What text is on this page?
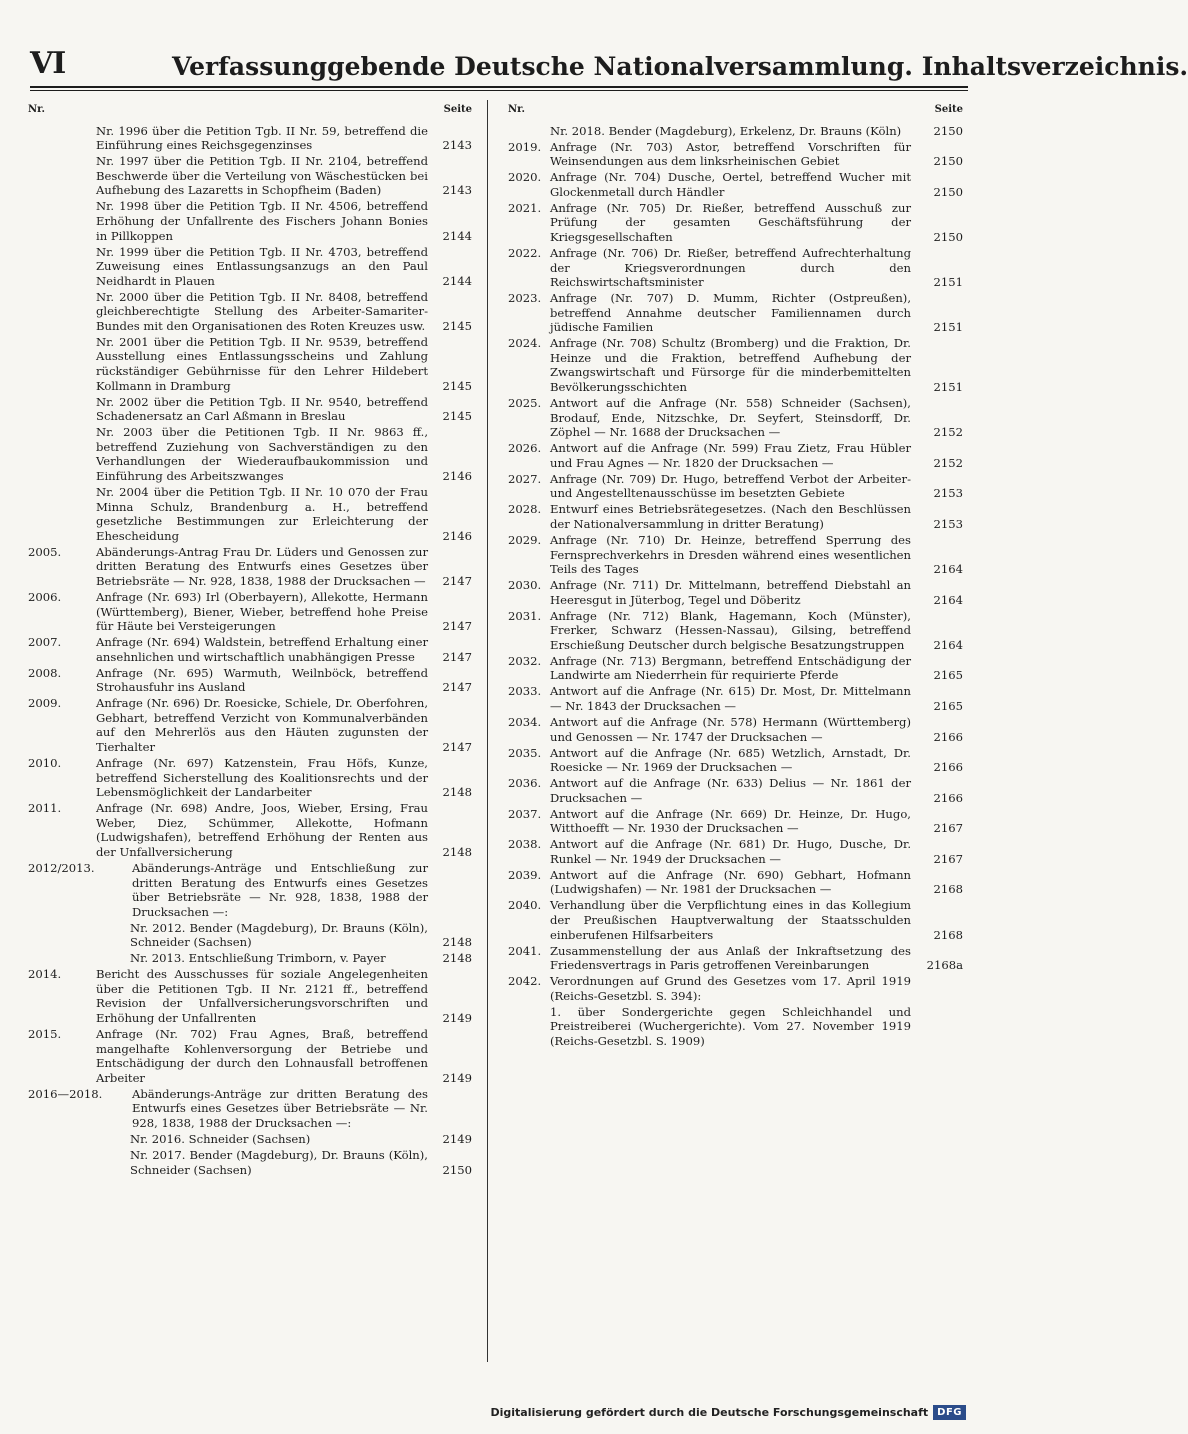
VI	Verfassunggebende Deutsche Nationalversammlung. Inhaltsverzeichnis.
Nr.	Seite
Nr. 1996 über die Petition Tgb. II Nr. 59, betreffend die Einführung eines Reichsgegenzinses	2143
Nr. 1997 über die Petition Tgb. II Nr. 2104, betreffend Beschwerde über die Verteilung von Wäschestücken bei Aufhebung des Lazaretts in Schopfheim (Baden)	2143
Nr. 1998 über die Petition Tgb. II Nr. 4506, betreffend Erhöhung der Unfallrente des Fischers Johann Bonies in Pillkoppen	2144
Nr. 1999 über die Petition Tgb. II Nr. 4703, betreffend Zuweisung eines Entlassungsanzugs an den Paul Neidhardt in Plauen	2144
Nr. 2000 über die Petition Tgb. II Nr. 8408, betreffend gleichberechtigte Stellung des Arbeiter-Samariter-Bundes mit den Organisationen des Roten Kreuzes usw.	2145
Nr. 2001 über die Petition Tgb. II Nr. 9539, betreffend Ausstellung eines Entlassungsscheins und Zahlung rückständiger Gebührnisse für den Lehrer Hildebert Kollmann in Dramburg	2145
Nr. 2002 über die Petition Tgb. II Nr. 9540, betreffend Schadenersatz an Carl Aßmann in Breslau	2145
Nr. 2003 über die Petitionen Tgb. II Nr. 9863 ff., betreffend Zuziehung von Sachverständigen zu den Verhandlungen der Wiederaufbaukommission und Einführung des Arbeitszwanges	2146
Nr. 2004 über die Petition Tgb. II Nr. 10 070 der Frau Minna Schulz, Brandenburg a. H., betreffend gesetzliche Bestimmungen zur Erleichterung der Ehescheidung	2146
2005.	Abänderungs-Antrag Frau Dr. Lüders und Genossen zur dritten Beratung des Entwurfs eines Gesetzes über Betriebsräte — Nr. 928, 1838, 1988 der Drucksachen —	2147
2006.	Anfrage (Nr. 693) Irl (Oberbayern), Allekotte, Hermann (Württemberg), Biener, Wieber, betreffend hohe Preise für Häute bei Versteigerungen	2147
2007.	Anfrage (Nr. 694) Waldstein, betreffend Erhaltung einer ansehnlichen und wirtschaftlich unabhängigen Presse	2147
2008.	Anfrage (Nr. 695) Warmuth, Weilnböck, betreffend Strohausfuhr ins Ausland	2147
2009.	Anfrage (Nr. 696) Dr. Roesicke, Schiele, Dr. Oberfohren, Gebhart, betreffend Verzicht von Kommunalverbänden auf den Mehrerlös aus den Häuten zugunsten der Tierhalter	2147
2010.	Anfrage (Nr. 697) Katzenstein, Frau Höfs, Kunze, betreffend Sicherstellung des Koalitionsrechts und der Lebensmöglichkeit der Landarbeiter	2148
2011.	Anfrage (Nr. 698) Andre, Joos, Wieber, Ersing, Frau Weber, Diez, Schümmer, Allekotte, Hofmann (Ludwigshafen), betreffend Erhöhung der Renten aus der Unfallversicherung	2148
2012/2013.	Abänderungs-Anträge und Entschließung zur dritten Beratung des Entwurfs eines Gesetzes über Betriebsräte — Nr. 928, 1838, 1988 der Drucksachen —:
Nr. 2012. Bender (Magdeburg), Dr. Brauns (Köln), Schneider (Sachsen)	2148
Nr. 2013. Entschließung Trimborn, v. Payer	2148
2014.	Bericht des Ausschusses für soziale Angelegenheiten über die Petitionen Tgb. II Nr. 2121 ff., betreffend Revision der Unfallversicherungsvorschriften und Erhöhung der Unfallrenten	2149
2015.	Anfrage (Nr. 702) Frau Agnes, Braß, betreffend mangelhafte Kohlenversorgung der Betriebe und Entschädigung der durch den Lohnausfall betroffenen Arbeiter	2149
2016—2018.	Abänderungs-Anträge zur dritten Beratung des Entwurfs eines Gesetzes über Betriebsräte — Nr. 928, 1838, 1988 der Drucksachen —:
Nr. 2016. Schneider (Sachsen)	2149
Nr. 2017. Bender (Magdeburg), Dr. Brauns (Köln), Schneider (Sachsen)	2150
Nr.	Seite
Nr. 2018. Bender (Magdeburg), Erkelenz, Dr. Brauns (Köln)	2150
2019. Anfrage (Nr. 703) Astor, betreffend Vorschriften für Weinsendungen aus dem linksrheinischen Gebiet	2150
2020. Anfrage (Nr. 704) Dusche, Oertel, betreffend Wucher mit Glockenmetall durch Händler	2150
2021. Anfrage (Nr. 705) Dr. Rießer, betreffend Ausschuß zur Prüfung der gesamten Geschäftsführung der Kriegsgesellschaften	2150
2022. Anfrage (Nr. 706) Dr. Rießer, betreffend Aufrechterhaltung der Kriegsverordnungen durch den Reichswirtschaftsminister	2151
2023. Anfrage (Nr. 707) D. Mumm, Richter (Ostpreußen), betreffend Annahme deutscher Familiennamen durch jüdische Familien	2151
2024. Anfrage (Nr. 708) Schultz (Bromberg) und die Fraktion, Dr. Heinze und die Fraktion, betreffend Aufhebung der Zwangswirtschaft und Fürsorge für die minderbemittelten Bevölkerungsschichten	2151
2025. Antwort auf die Anfrage (Nr. 558) Schneider (Sachsen), Brodauf, Ende, Nitzschke, Dr. Seyfert, Steinsdorff, Dr. Zöphel — Nr. 1688 der Drucksachen —	2152
2026. Antwort auf die Anfrage (Nr. 599) Frau Zietz, Frau Hübler und Frau Agnes — Nr. 1820 der Drucksachen —	2152
2027. Anfrage (Nr. 709) Dr. Hugo, betreffend Verbot der Arbeiter- und Angestelltenausschüsse im besetzten Gebiete	2153
2028. Entwurf eines Betriebsrätegesetzes. (Nach den Beschlüssen der Nationalversammlung in dritter Beratung)	2153
2029. Anfrage (Nr. 710) Dr. Heinze, betreffend Sperrung des Fernsprechverkehrs in Dresden während eines wesentlichen Teils des Tages	2164
2030. Anfrage (Nr. 711) Dr. Mittelmann, betreffend Diebstahl an Heeresgut in Jüterbog, Tegel und Döberitz	2164
2031. Anfrage (Nr. 712) Blank, Hagemann, Koch (Münster), Frerker, Schwarz (Hessen-Nassau), Gilsing, betreffend Erschießung Deutscher durch belgische Besatzungstruppen	2164
2032. Anfrage (Nr. 713) Bergmann, betreffend Entschädigung der Landwirte am Niederrhein für requirierte Pferde	2165
2033. Antwort auf die Anfrage (Nr. 615) Dr. Most, Dr. Mittelmann — Nr. 1843 der Drucksachen —	2165
2034. Antwort auf die Anfrage (Nr. 578) Hermann (Württemberg) und Genossen — Nr. 1747 der Drucksachen —	2166
2035. Antwort auf die Anfrage (Nr. 685) Wetzlich, Arnstadt, Dr. Roesicke — Nr. 1969 der Drucksachen —	2166
2036. Antwort auf die Anfrage (Nr. 633) Delius — Nr. 1861 der Drucksachen —	2166
2037. Antwort auf die Anfrage (Nr. 669) Dr. Heinze, Dr. Hugo, Witthoefft — Nr. 1930 der Drucksachen —	2167
2038. Antwort auf die Anfrage (Nr. 681) Dr. Hugo, Dusche, Dr. Runkel — Nr. 1949 der Drucksachen —	2167
2039. Antwort auf die Anfrage (Nr. 690) Gebhart, Hofmann (Ludwigshafen) — Nr. 1981 der Drucksachen —	2168
2040. Verhandlung über die Verpflichtung eines in das Kollegium der Preußischen Hauptverwaltung der Staatsschulden einberufenen Hilfsarbeiters	2168
2041. Zusammenstellung der aus Anlaß der Inkraftsetzung des Friedensvertrags in Paris getroffenen Vereinbarungen	2168a
2042. Verordnungen auf Grund des Gesetzes vom 17. April 1919 (Reichs-Gesetzbl. S. 394):
1. über Sondergerichte gegen Schleichhandel und Preistreiberei (Wuchergerichte). Vom 27. November 1919 (Reichs-Gesetzbl. S. 1909)
Digitalisierung gefördert durch die Deutsche Forschungsgemeinschaft DFG
